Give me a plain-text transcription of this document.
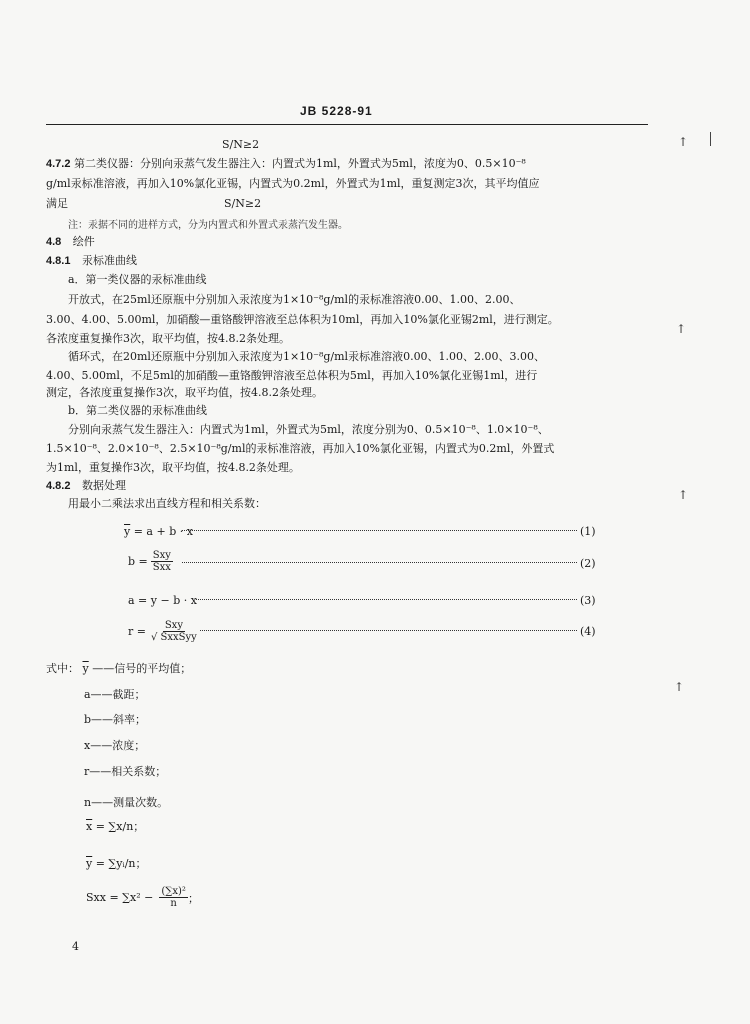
JB 5228-91
S/N≥2
4.7.2 第二类仪器：分别向汞蒸气发生器注入：内置式为1ml，外置式为5ml，浓度为0、0.5×10⁻⁸
g/ml汞标准溶液，再加入10%氯化亚锡，内置式为0.2ml，外置式为1ml，重复测定3次，其平均值应
满足	S/N≥2
注：汞据不同的进样方式，分为内置式和外置式汞蒸汽发生器。
4.8 绘件
4.8.1 汞标准曲线
a．第一类仪器的汞标准曲线
开放式，在25ml还原瓶中分别加入汞浓度为1×10⁻⁸g/ml的汞标准溶液0.00、1.00、2.00、
3.00、4.00、5.00ml，加硝酸—重铬酸钾溶液至总体积为10ml，再加入10%氯化亚锡2ml，进行测定。
各浓度重复操作3次，取平均值，按4.8.2条处理。
循环式，在20ml还原瓶中分别加入汞浓度为1×10⁻⁸g/ml汞标准溶液0.00、1.00、2.00、3.00、
4.00、5.00ml，不足5ml的加硝酸—重铬酸钾溶液至总体积为5ml，再加入10%氯化亚锡1ml，进行
测定，各浓度重复操作3次，取平均值，按4.8.2条处理。
b．第二类仪器的汞标准曲线
分别向汞蒸气发生器注入：内置式为1ml，外置式为5ml，浓度分别为0、0.5×10⁻⁸、1.0×10⁻⁸、
1.5×10⁻⁸、2.0×10⁻⁸、2.5×10⁻⁸g/ml的汞标准溶液，再加入10%氯化亚锡，内置式为0.2ml，外置式
为1ml，重复操作3次，取平均值，按4.8.2条处理。
4.8.2 数据处理
用最小二乘法求出直线方程和相关系数：
$\overline{y} = a + b \cdot x$	(1)
$b = \frac{\text{Sxy}}{\text{Sxx}}$	(2)
a = y − b · x	(3)
$r = \frac{\text{Sxy}}{\text{√ SxxSyy}}$	(4)
式中： $\overline{y}$ ——信号的平均值；
a——截距；
b——斜率；
x——浓度；
r——相关系数；
n——测量次数。
$\overline{x} = \sum x/n$；
$\overline{y}$ = ∑yᵢ/n；
Sxx = $\sum x^2 - \frac{\text{(∑x)²}}{n}$ ；
4
↑
↑
↑
↑
